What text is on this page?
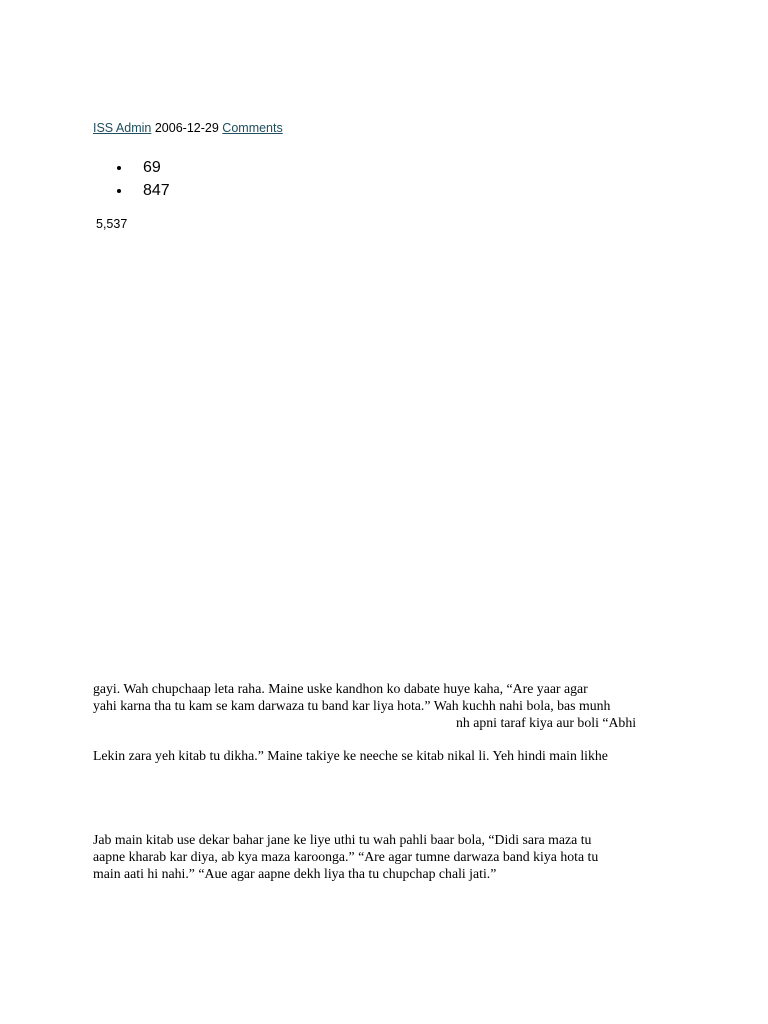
ISS Admin 2006-12-29 Comments
69
847
5,537

gayi. Wah chupchaap leta raha. Maine uske kandhon ko dabate huye kaha, “Are yaar agar
yahi karna tha tu kam se kam darwaza tu band kar liya hota.” Wah kuchh nahi bola, bas munh
nh apni taraf kiya aur boli “Abhi

Lekin zara yeh kitab tu dikha.” Maine takiye ke neeche se kitab nikal li. Yeh hindi main likhe

Jab main kitab use dekar bahar jane ke liye uthi tu wah pahli baar bola, “Didi sara maza tu
aapne kharab kar diya, ab kya maza karoonga.” “Are agar tumne darwaza band kiya hota tu
main aati hi nahi.” “Aue agar aapne dekh liya tha tu chupchap chali jati.”
